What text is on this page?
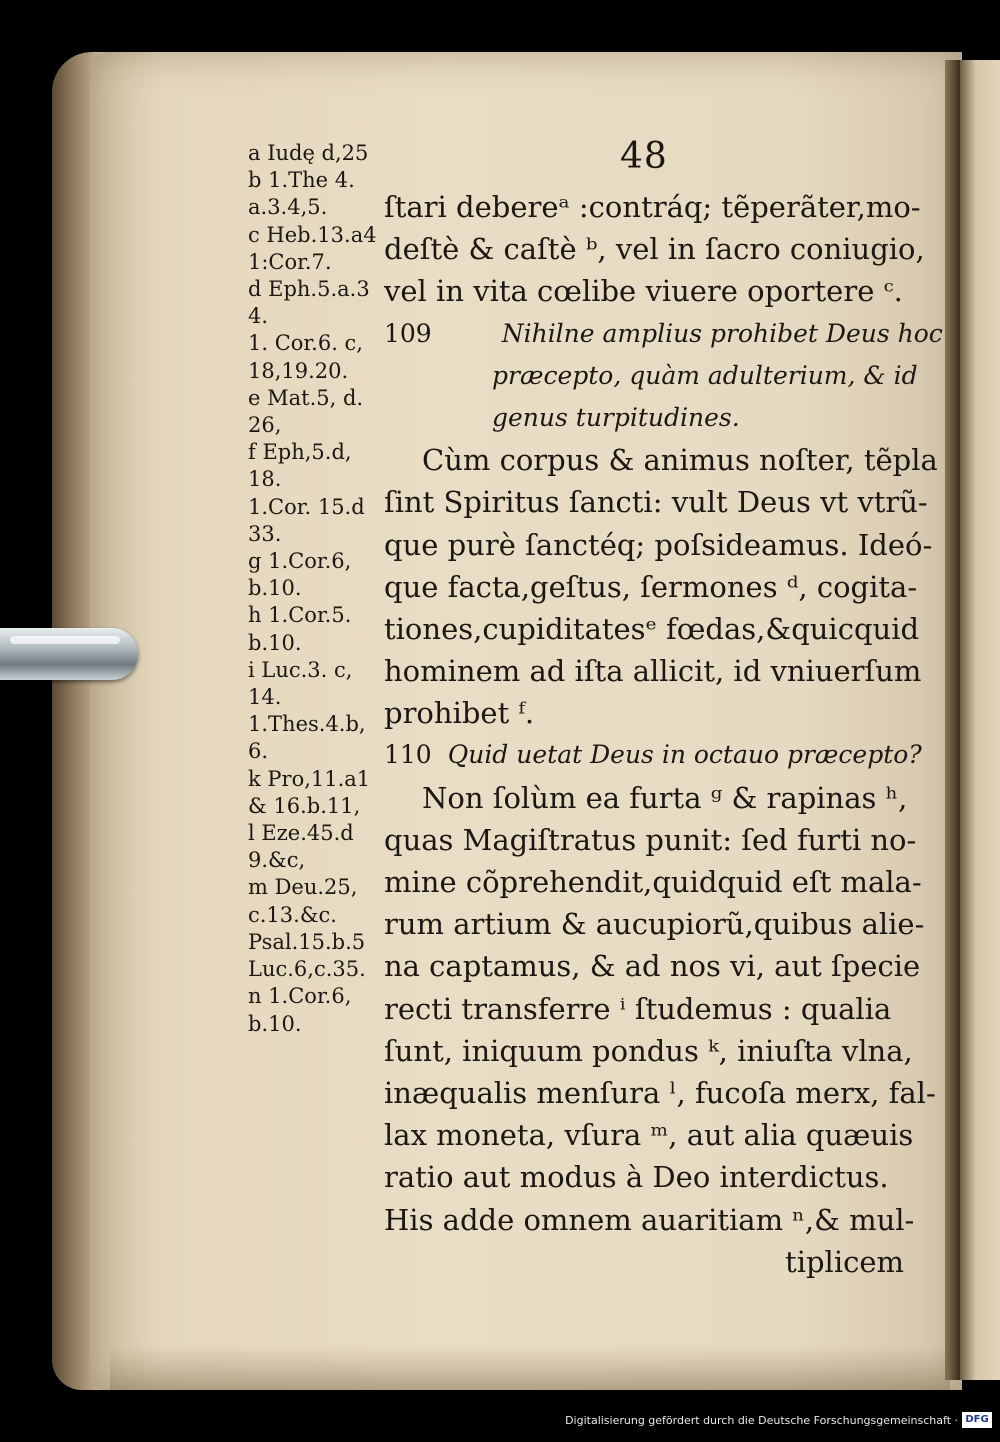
48
a Iudę d,25
b 1.The 4.
a.3.4,5.
c Heb.13.a4
1:Cor.7.
d Eph.5.a.3
4.
1. Cor.6. c,
18,19.20.
e Mat.5, d.
26,
f Eph,5.d,
18.
1.Cor. 15.d
33.
g 1.Cor.6,
b.10.
h 1.Cor.5.
b.10.
i Luc.3. c,
14.
1.Thes.4.b,
6.
k Pro,11.a1
& 16.b.11,
l Eze.45.d
9.&c,
m Deu.25,
c.13.&c.
Psal.15.b.5
Luc.6,c.35.
n 1.Cor.6,
b.10.
ſtari debereᵃ :contráq; tẽperãter,mo-
deſtè & caſtè ᵇ, vel in ſacro coniugio,
vel in vita cœlibe viuere oportere ᶜ.
109	Nihilne amplius prohibet Deus hoc
præcepto, quàm adulterium, & id
genus turpitudines.
Cùm corpus & animus noſter, tẽpla
ſint Spiritus ſancti: vult Deus vt vtrũ-
que purè ſanctéq; poſsideamus. Ideó-
que facta,geſtus, ſermones ᵈ, cogita-
tiones,cupiditatesᵉ fœdas,&quicquid
hominem ad iſta allicit, id vniuerſum
prohibet ᶠ.
110 Quid uetat Deus in octauo præcepto?
Non ſolùm ea furta ᵍ & rapinas ʰ,
quas Magiſtratus punit: ſed furti no-
mine cõprehendit,quidquid eſt mala-
rum artium & aucupiorũ,quibus alie-
na captamus, & ad nos vi, aut ſpecie
recti transferre ⁱ ſtudemus : qualia
ſunt, iniquum pondus ᵏ, iniuſta vlna,
inæqualis menſura ˡ, fucoſa merx, fal-
lax moneta, vſura ᵐ, aut alia quæuis
ratio aut modus à Deo interdictus.
His adde omnem auaritiam ⁿ,& mul-
tiplicem
Digitalisierung gefördert durch die Deutsche Forschungsgemeinschaft · DFG
